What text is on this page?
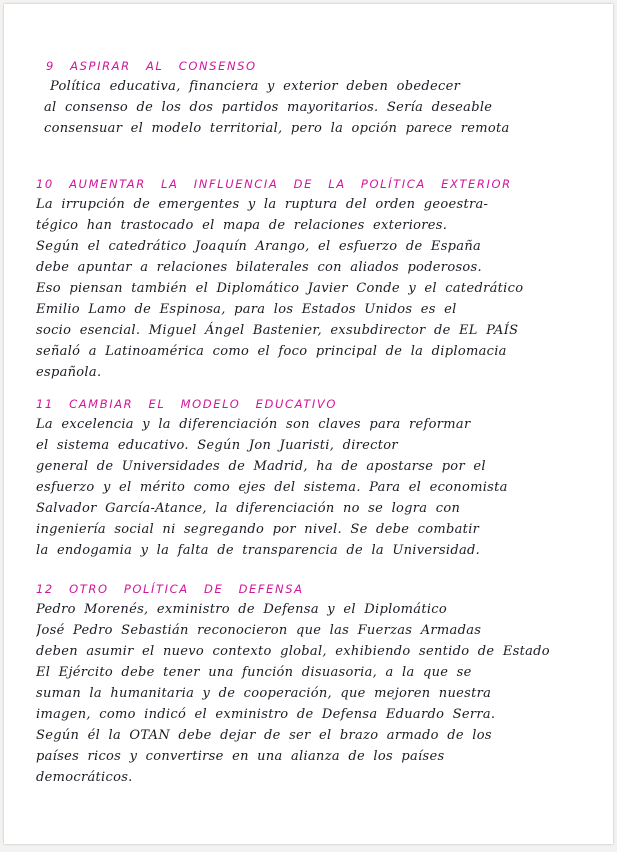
9 ASPIRAR AL CONSENSO
Política educativa, financiera y exterior deben obedecer
al consenso de los dos partidos mayoritarios. Sería deseable
consensuar el modelo territorial, pero la opción parece remota
10 AUMENTAR LA INFLUENCIA DE LA POLÍTICA EXTERIOR
La irrupción de emergentes y la ruptura del orden geoestra-
tégico han trastocado el mapa de relaciones exteriores.
Según el catedrático Joaquín Arango, el esfuerzo de España
debe apuntar a relaciones bilaterales con aliados poderosos.
Eso piensan también el Diplomático Javier Conde y el catedrático
Emilio Lamo de Espinosa, para los Estados Unidos es el
socio esencial. Miguel Ángel Bastenier, exsubdirector de EL PAÍS
señaló a Latinoamérica como el foco principal de la diplomacia
española.
11 CAMBIAR EL MODELO EDUCATIVO
La excelencia y la diferenciación son claves para reformar
el sistema educativo. Según Jon Juaristi, director
general de Universidades de Madrid, ha de apostarse por el
esfuerzo y el mérito como ejes del sistema. Para el economista
Salvador García-Atance, la diferenciación no se logra con
ingeniería social ni segregando por nivel. Se debe combatir
la endogamia y la falta de transparencia de la Universidad.
12 OTRO POLÍTICA DE DEFENSA
Pedro Morenés, exministro de Defensa y el Diplomático
José Pedro Sebastián reconocieron que las Fuerzas Armadas
deben asumir el nuevo contexto global, exhibiendo sentido de Estado
El Ejército debe tener una función disuasoria, a la que se
suman la humanitaria y de cooperación, que mejoren nuestra
imagen, como indicó el exministro de Defensa Eduardo Serra.
Según él la OTAN debe dejar de ser el brazo armado de los
países ricos y convertirse en una alianza de los países
democráticos.
